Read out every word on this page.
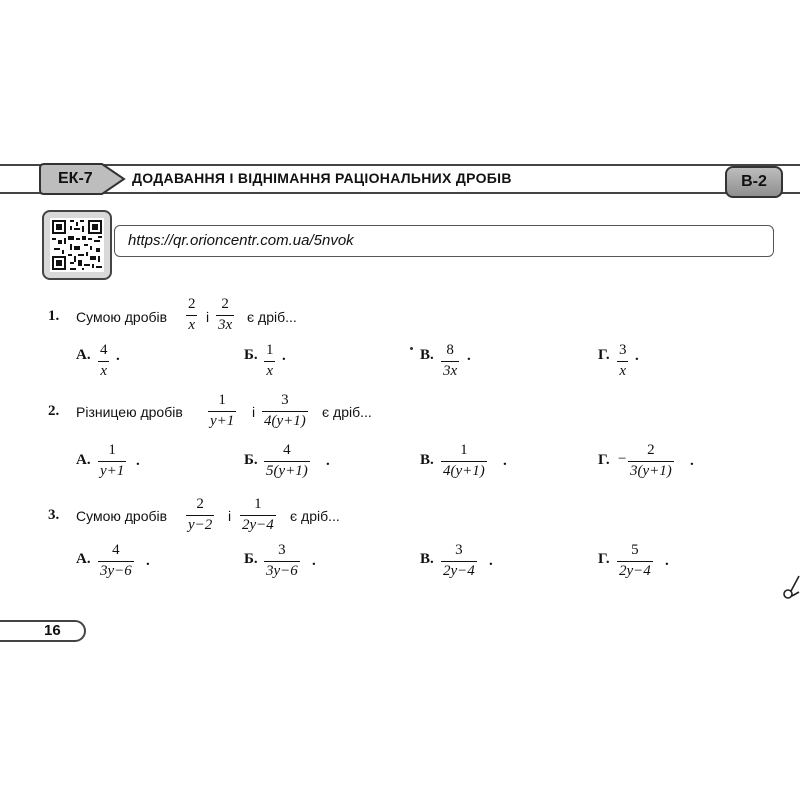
ЕК-7	ДОДАВАННЯ І ВІДНІМАННЯ РАЦІОНАЛЬНИХ ДРОБІВ	В-2
https://qr.orioncentr.com.ua/5nvok
1. Сумою дробів $\frac{2}{x}$ і $\frac{2}{3x}$ є дріб...
А. $\frac{4}{x}$ .	Б. $\frac{1}{x}$ .	В. $\frac{8}{3x}$ .	Г. $\frac{3}{x}$ .
2. Різницею дробів $\frac{1}{y+1}$ і $\frac{3}{4(y+1)}$ є дріб...
А. $\frac{1}{y+1}$ .	Б. $\frac{4}{5(y+1)}$ .	В. $\frac{1}{4(y+1)}$ .	Г. − $\frac{2}{3(y+1)}$ .
3. Сумою дробів $\frac{2}{y-2}$ і $\frac{1}{2y-4}$ є дріб...
А. $\frac{4}{3y-6}$ .	Б. $\frac{3}{3y-6}$ .	В. $\frac{3}{2y-4}$ .	Г. $\frac{5}{2y-4}$ .
16
